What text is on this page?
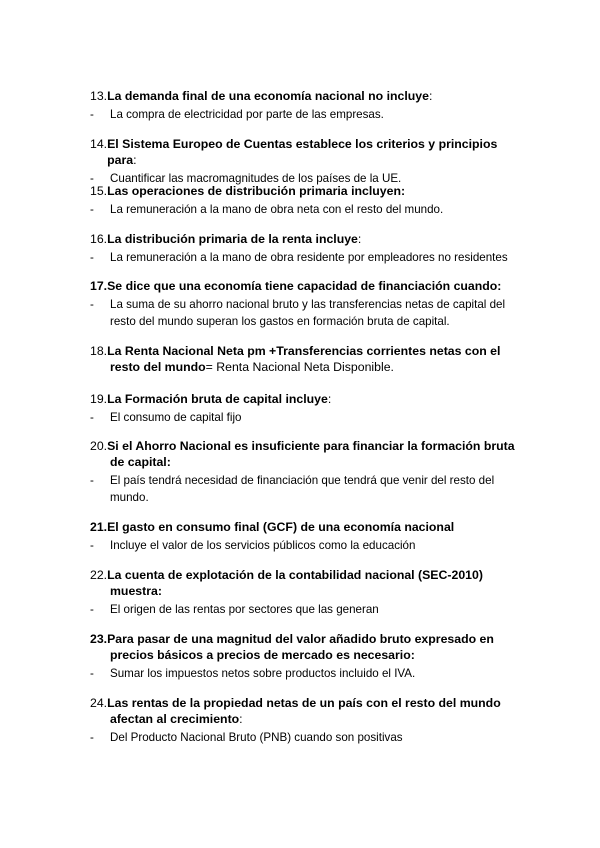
13. La demanda final de una economía nacional no incluye:
-	La compra de electricidad por parte de las empresas.
14. El Sistema Europeo de Cuentas establece los criterios y principios para:
-	Cuantificar las macromagnitudes de los países de la UE.
15. Las operaciones de distribución primaria incluyen:
-	La remuneración a la mano de obra neta con el resto del mundo.
16. La distribución primaria de la renta incluye:
-	La remuneración a la mano de obra residente por empleadores no residentes
17. Se dice que una economía tiene capacidad de financiación cuando:
-	La suma de su ahorro nacional bruto y las transferencias netas de capital del
resto del mundo superan los gastos en formación bruta de capital.
18. La Renta Nacional Neta pm +Transferencias corrientes netas con el
resto del mundo= Renta Nacional Neta Disponible.
19. La Formación bruta de capital incluye:
-	El consumo de capital fijo
20. Si el Ahorro Nacional es insuficiente para financiar la formación bruta
de capital:
-	El país tendrá necesidad de financiación que tendrá que venir del resto del
mundo.
21. El gasto en consumo final (GCF) de una economía nacional
-	Incluye el valor de los servicios públicos como la educación
22. La cuenta de explotación de la contabilidad nacional (SEC-2010)
muestra:
-	El origen de las rentas por sectores que las generan
23. Para pasar de una magnitud del valor añadido bruto expresado en
precios básicos a precios de mercado es necesario:
-	Sumar los impuestos netos sobre productos incluido el IVA.
24. Las rentas de la propiedad netas de un país con el resto del mundo
afectan al crecimiento:
-	Del Producto Nacional Bruto (PNB) cuando son positivas
